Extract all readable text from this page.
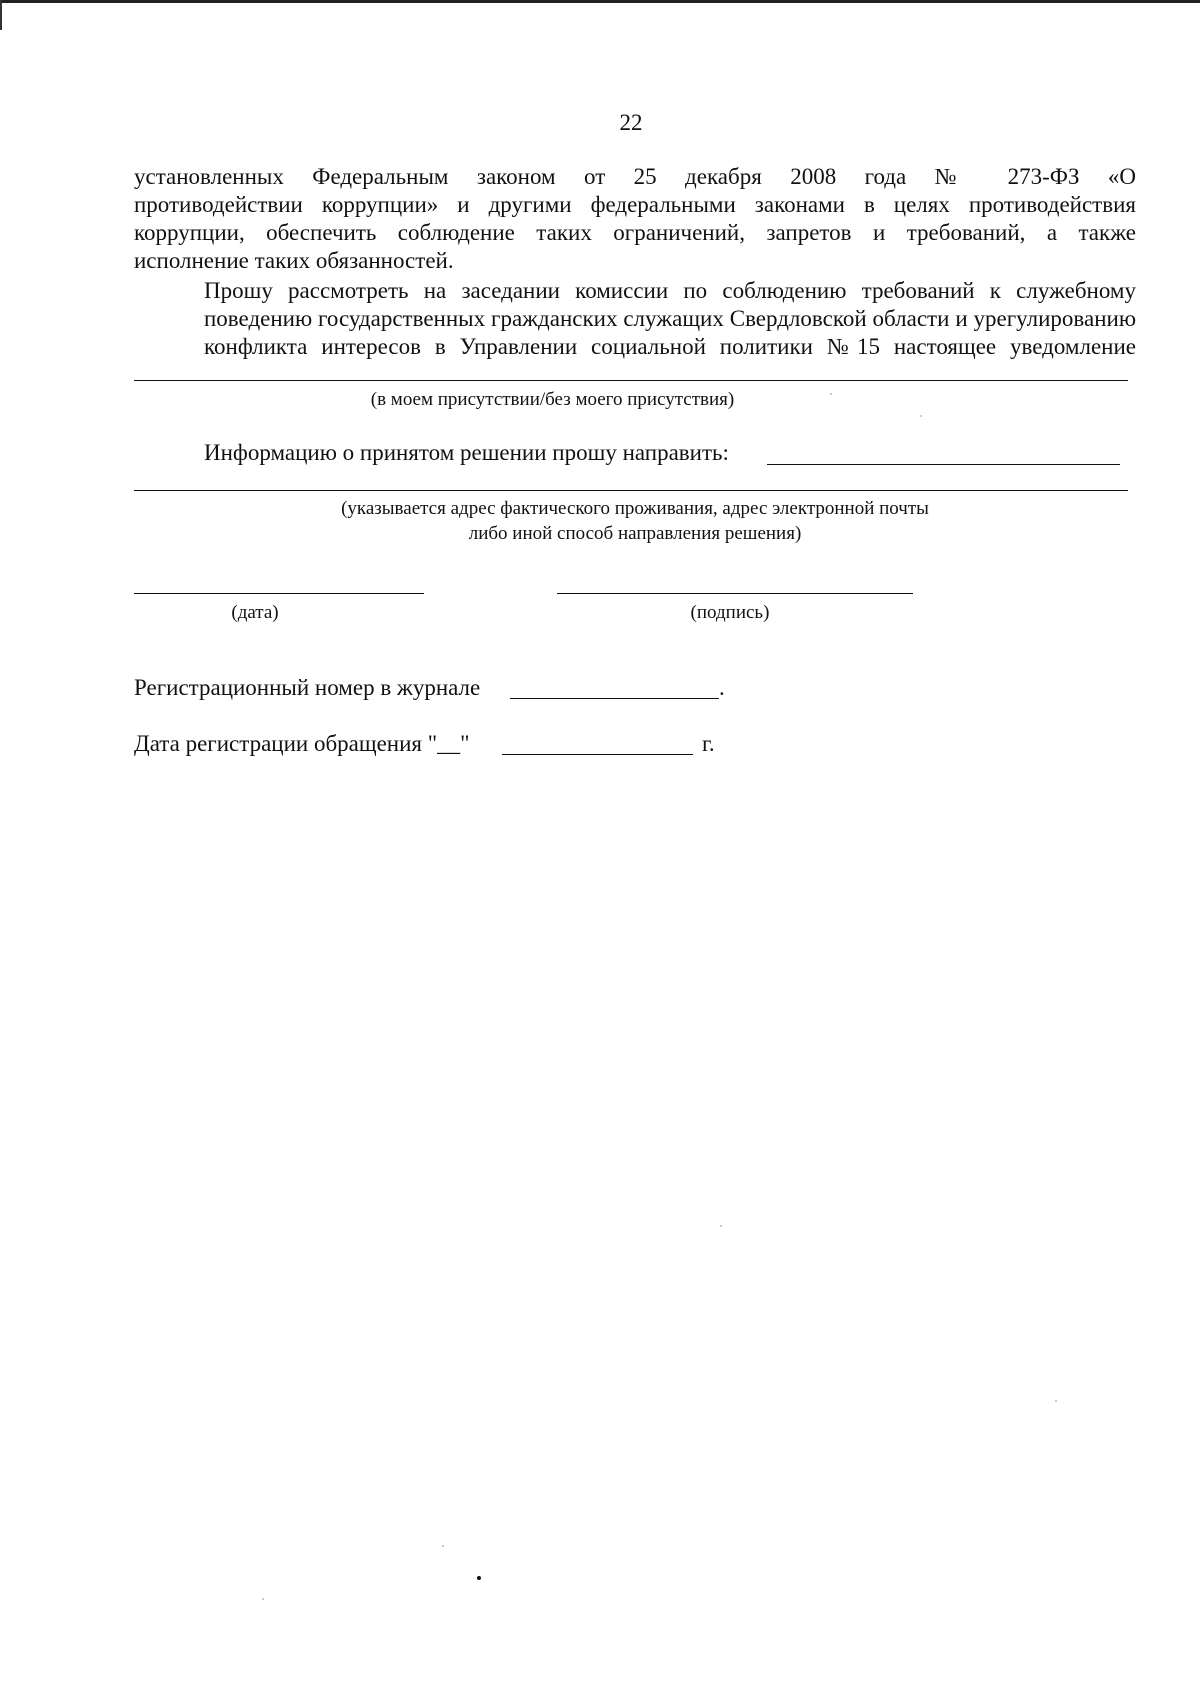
22
установленных Федеральным законом от 25 декабря 2008 года № 273-ФЗ «О
противодействии коррупции» и другими федеральными законами в целях противодействия
коррупции, обеспечить соблюдение таких ограничений, запретов и требований, а также
исполнение таких обязанностей.
Прошу рассмотреть на заседании комиссии по соблюдению требований к служебному
поведению государственных гражданских служащих Свердловской области и урегулированию
конфликта интересов в Управлении социальной политики №15 настоящее уведомление
(в моем присутствии/без моего присутствия)
Информацию о принятом решении прошу направить:
(указывается адрес фактического проживания, адрес электронной почты
либо иной способ направления решения)
(дата)	(подпись)
Регистрационный номер в журнале	.
Дата регистрации обращения "__"	г.
